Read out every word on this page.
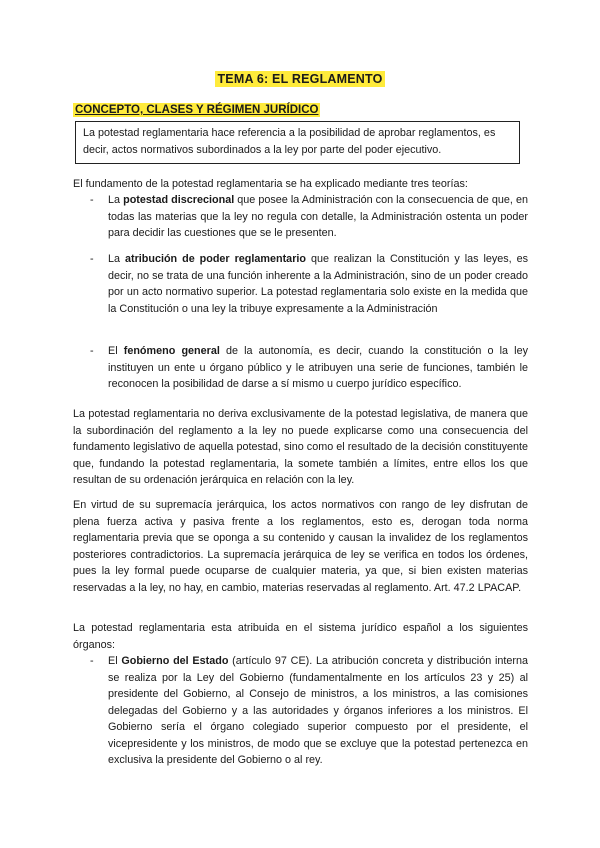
TEMA 6: EL REGLAMENTO
CONCEPTO, CLASES Y RÉGIMEN JURÍDICO
La potestad reglamentaria hace referencia a la posibilidad de aprobar reglamentos, es decir, actos normativos subordinados a la ley por parte del poder ejecutivo.
El fundamento de la potestad reglamentaria se ha explicado mediante tres teorías:
- La potestad discrecional que posee la Administración con la consecuencia de que, en todas las materias que la ley no regula con detalle, la Administración ostenta un poder para decidir las cuestiones que se le presenten.
- La atribución de poder reglamentario que realizan la Constitución y las leyes, es decir, no se trata de una función inherente a la Administración, sino de un poder creado por un acto normativo superior. La potestad reglamentaria solo existe en la medida que la Constitución o una ley la tribuye expresamente a la Administración
- El fenómeno general de la autonomía, es decir, cuando la constitución o la ley instituyen un ente u órgano público y le atribuyen una serie de funciones, también le reconocen la posibilidad de darse a sí mismo u cuerpo jurídico específico.
La potestad reglamentaria no deriva exclusivamente de la potestad legislativa, de manera que la subordinación del reglamento a la ley no puede explicarse como una consecuencia del fundamento legislativo de aquella potestad, sino como el resultado de la decisión constituyente que, fundando la potestad reglamentaria, la somete también a límites, entre ellos los que resultan de su ordenación jerárquica en relación con la ley.
En virtud de su supremacía jerárquica, los actos normativos con rango de ley disfrutan de plena fuerza activa y pasiva frente a los reglamentos, esto es, derogan toda norma reglamentaria previa que se oponga a su contenido y causan la invalidez de los reglamentos posteriores contradictorios. La supremacía jerárquica de ley se verifica en todos los órdenes, pues la ley formal puede ocuparse de cualquier materia, ya que, si bien existen materias reservadas a la ley, no hay, en cambio, materias reservadas al reglamento. Art. 47.2 LPACAP.
La potestad reglamentaria esta atribuida en el sistema jurídico español a los siguientes órganos:
- El Gobierno del Estado (artículo 97 CE). La atribución concreta y distribución interna se realiza por la Ley del Gobierno (fundamentalmente en los artículos 23 y 25) al presidente del Gobierno, al Consejo de ministros, a los ministros, a las comisiones delegadas del Gobierno y a las autoridades y órganos inferiores a los ministros. El Gobierno sería el órgano colegiado superior compuesto por el presidente, el vicepresidente y los ministros, de modo que se excluye que la potestad pertenezca en exclusiva la presidente del Gobierno o al rey.
